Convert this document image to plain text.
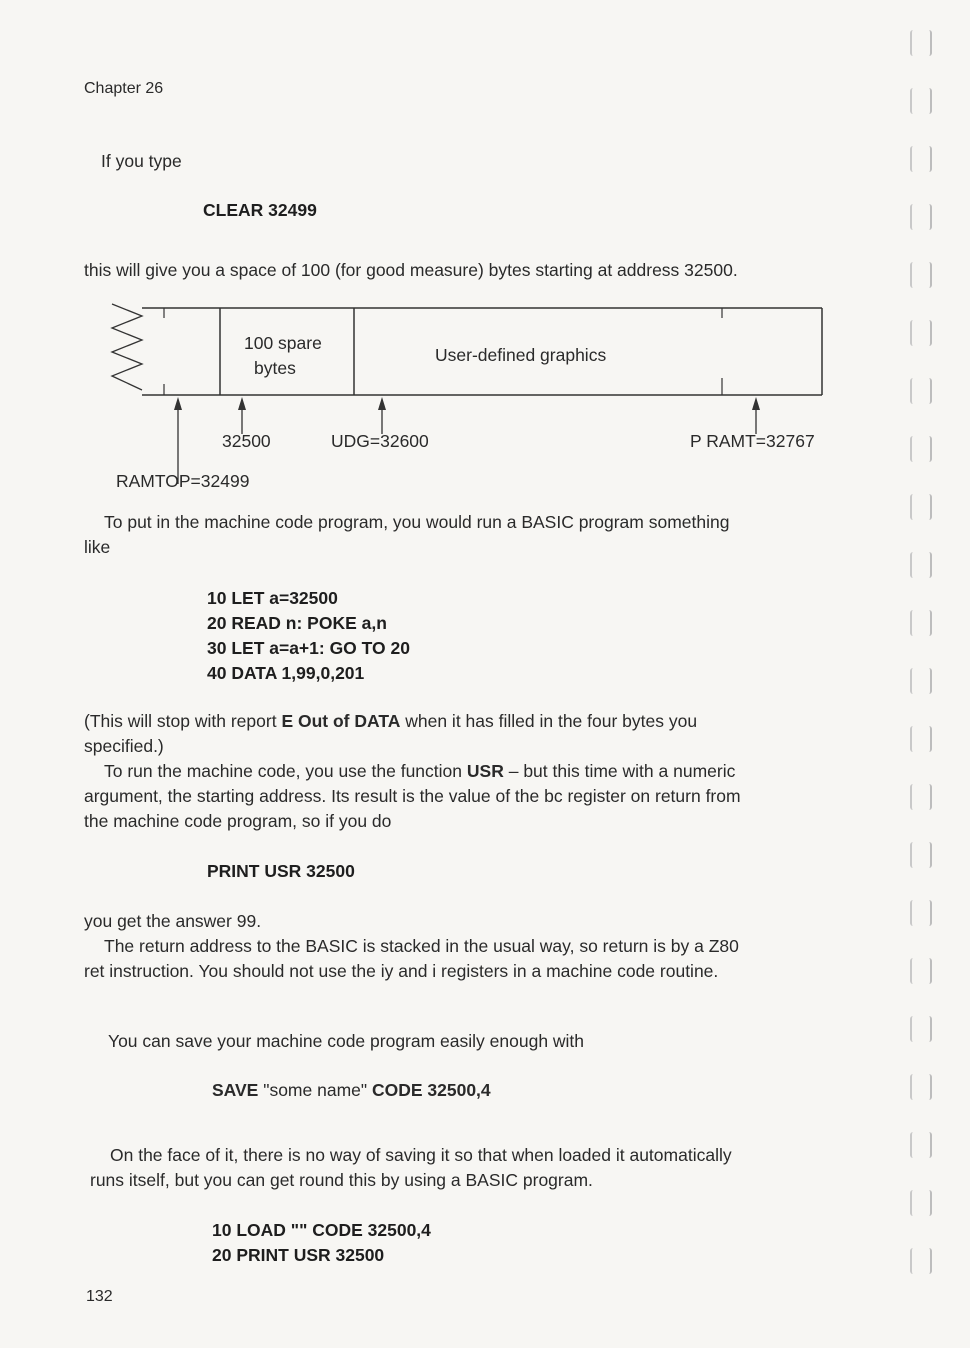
Chapter 26
If you type
CLEAR 32499
this will give you a space of 100 (for good measure) bytes starting at address 32500.
100 spare
bytes
User-defined graphics
32500	UDG=32600	P RAMT=32767
RAMTOP=32499
To put in the machine code program, you would run a BASIC program something
like
10 LET a=32500
20 READ n: POKE a,n
30 LET a=a+1: GO TO 20
40 DATA 1,99,0,201
(This will stop with report E Out of DATA when it has filled in the four bytes you
specified.)
To run the machine code, you use the function USR – but this time with a numeric
argument, the starting address. Its result is the value of the bc register on return from
the machine code program, so if you do
PRINT USR 32500
you get the answer 99.
The return address to the BASIC is stacked in the usual way, so return is by a Z80
ret instruction. You should not use the iy and i registers in a machine code routine.
You can save your machine code program easily enough with
SAVE "some name" CODE 32500,4
On the face of it, there is no way of saving it so that when loaded it automatically
runs itself, but you can get round this by using a BASIC program.
10 LOAD "" CODE 32500,4
20 PRINT USR 32500
132
